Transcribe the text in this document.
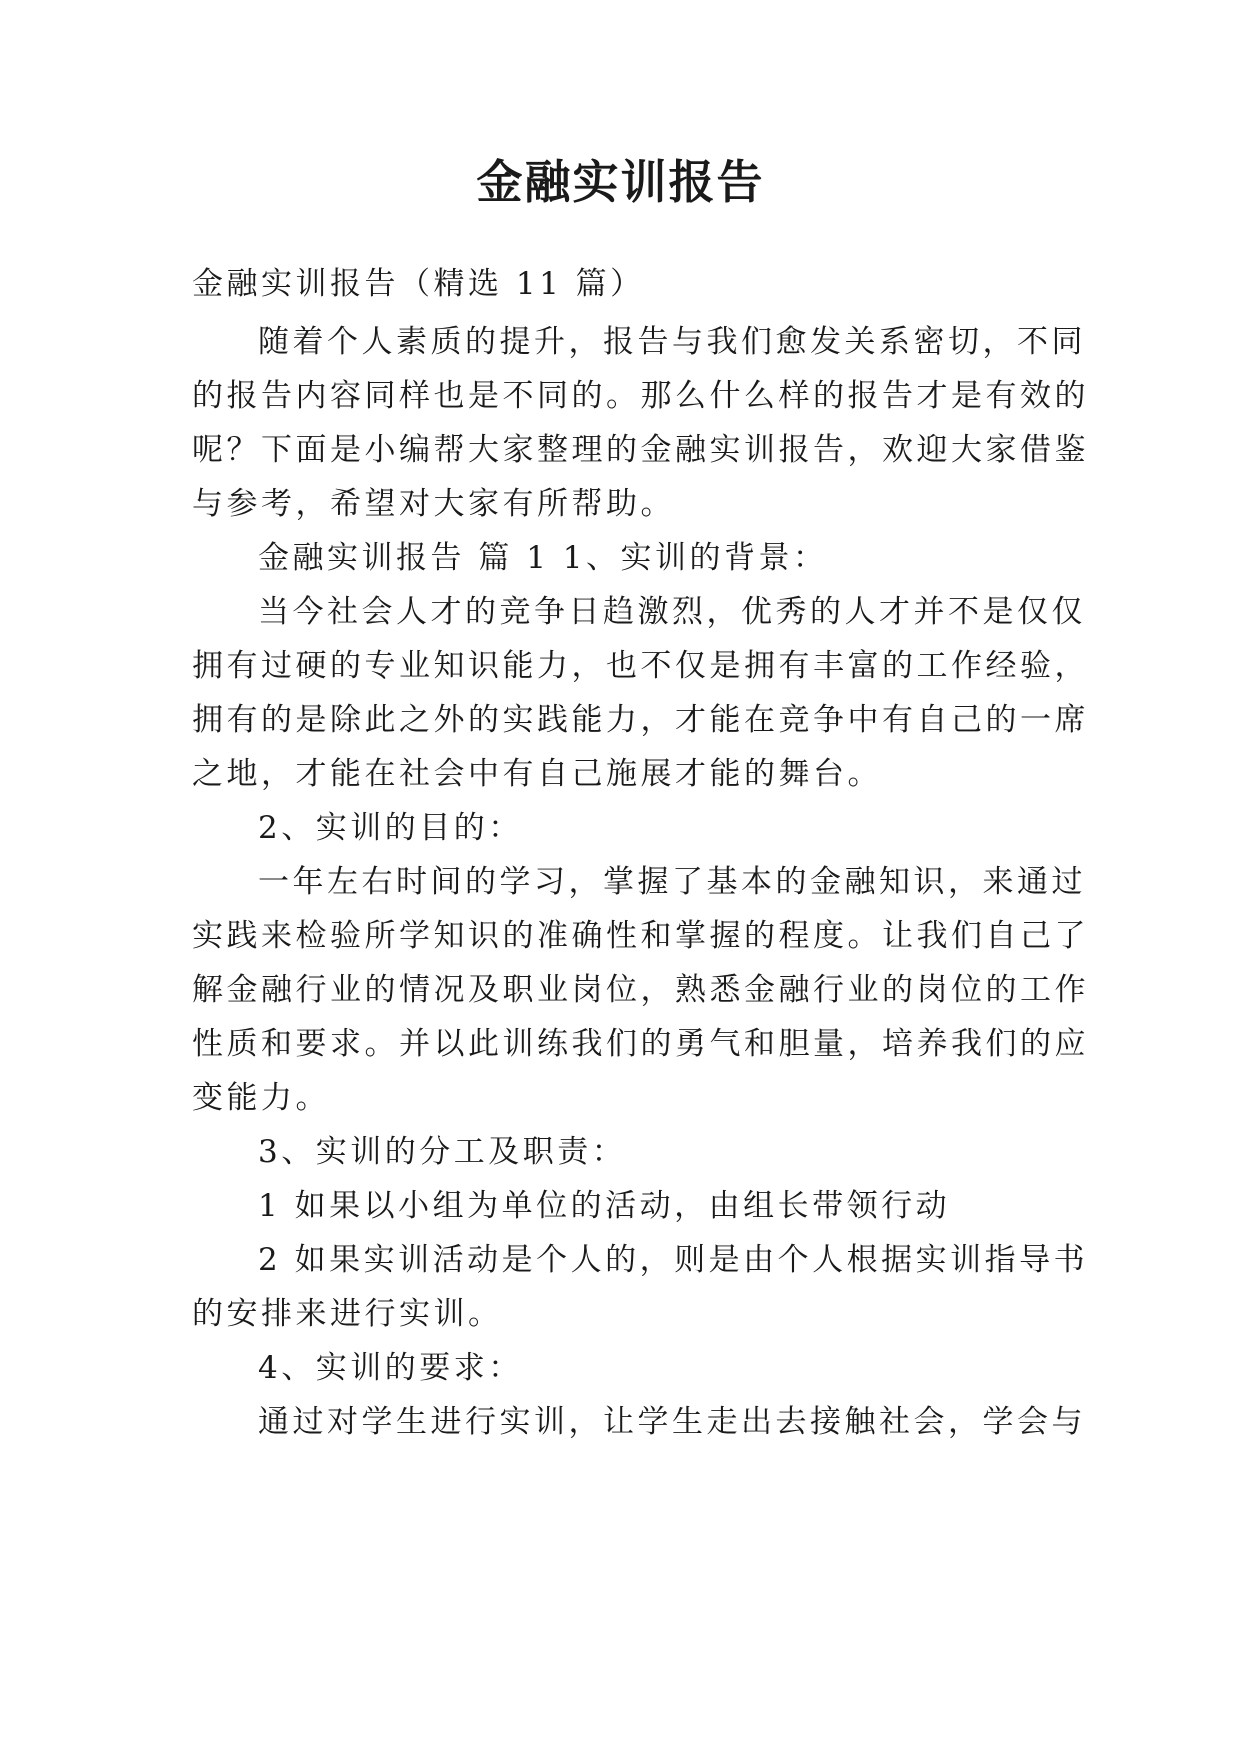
金融实训报告
金融实训报告（精选 11 篇）
随着个人素质的提升，报告与我们愈发关系密切，不同
的报告内容同样也是不同的。那么什么样的报告才是有效的
呢？下面是小编帮大家整理的金融实训报告，欢迎大家借鉴
与参考，希望对大家有所帮助。
金融实训报告 篇 1 1、实训的背景：
当今社会人才的竞争日趋激烈，优秀的人才并不是仅仅
拥有过硬的专业知识能力，也不仅是拥有丰富的工作经验，
拥有的是除此之外的实践能力，才能在竞争中有自己的一席
之地，才能在社会中有自己施展才能的舞台。
2、实训的目的：
一年左右时间的学习，掌握了基本的金融知识，来通过
实践来检验所学知识的准确性和掌握的程度。让我们自己了
解金融行业的情况及职业岗位，熟悉金融行业的岗位的工作
性质和要求。并以此训练我们的勇气和胆量，培养我们的应
变能力。
3、实训的分工及职责：
1 如果以小组为单位的活动，由组长带领行动
2 如果实训活动是个人的，则是由个人根据实训指导书
的安排来进行实训。
4、实训的要求：
通过对学生进行实训，让学生走出去接触社会，学会与
